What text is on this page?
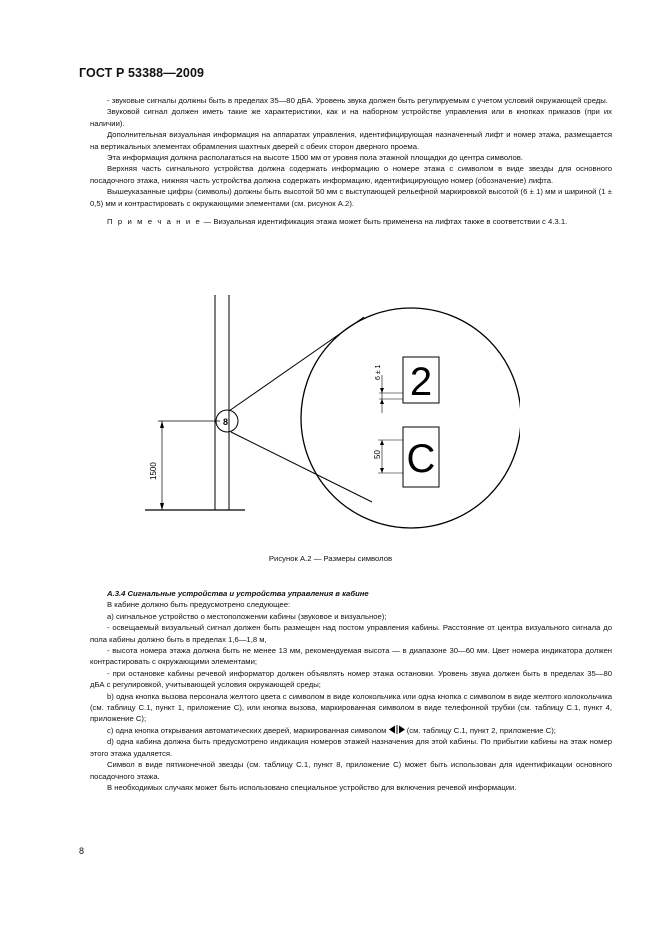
ГОСТ Р 53388—2009

- звуковые сигналы должны быть в пределах 35—80 дБА. Уровень звука должен быть регулируемым с учетом условий окружающей среды.

Звуковой сигнал должен иметь такие же характеристики, как и на наборном устройстве управления или в кнопках приказов (при их наличии).

Дополнительная визуальная информация на аппаратах управления, идентифицирующая назначенный лифт и номер этажа, размещается на вертикальных элементах обрамления шахтных дверей с обеих сторон дверного проема.

Эта информация должна располагаться на высоте 1500 мм от уровня пола этажной площадки до центра символов.

Верхняя часть сигнального устройства должна содержать информацию о номере этажа с символом в виде звезды для основного посадочного этажа, нижняя часть устройства должна содержать информацию, идентифицирующую номер (обозначение) лифта.

Вышеуказанные цифры (символы) должны быть высотой 50 мм с выступающей рельефной маркировкой высотой (6 ± 1) мм и шириной (1 ± 0,5) мм и контрастировать с окружающими элементами (см. рисунок А.2).

П р и м е ч а н и е — Визуальная идентификация этажа может быть применена на лифтах также в соответствии с 4.3.1.

1500
8
2
6 ± 1
C
50
Рисунок А.2 — Размеры символов

А.3.4 Сигнальные устройства и устройства управления в кабине

В кабине должно быть предусмотрено следующее:

а) сигнальное устройство о местоположении кабины (звуковое и визуальное);

- освещаемый визуальный сигнал должен быть размещен над постом управления кабины. Расстояние от центра визуального сигнала до пола кабины должно быть в пределах 1,6—1,8 м,

- высота номера этажа должна быть не менее 13 мм, рекомендуемая высота — в диапазоне 30—60 мм. Цвет номера индикатора должен контрастировать с окружающими элементами;

- при остановке кабины речевой информатор должен объявлять номер этажа остановки. Уровень звука должен быть в пределах 35—80 дБА с регулировкой, учитывающей условия окружающей среды;

b) одна кнопка вызова персонала желтого цвета с символом в виде колокольчика или одна кнопка с символом в виде желтого колокольчика (см. таблицу С.1, пункт 1, приложение С), или кнопка вызова, маркированная символом в виде телефонной трубки (см. таблицу С.1, пункт 4, приложение С);

с) одна кнопка открывания автоматических дверей, маркированная символом	(см. таблицу С.1, пункт 2, приложение С);

d) одна кабина должна быть предусмотрено индикация номеров этажей назначения для этой кабины. По прибытии кабины на этаж номер этого этажа удаляется.

Символ в виде пятиконечной звезды (см. таблицу С.1, пункт 8, приложение С) может быть использован для идентификации основного посадочного этажа.

В необходимых случаях может быть использовано специальное устройство для включения речевой информации.

8
